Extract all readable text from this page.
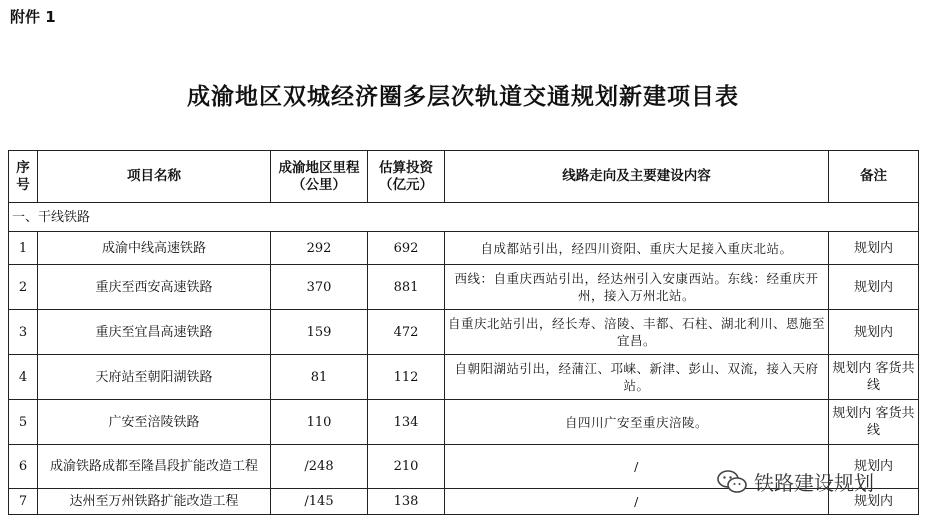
附件 1
成渝地区双城经济圈多层次轨道交通规划新建项目表
序号	项目名称	成渝地区里程（公里）	估算投资（亿元）	线路走向及主要建设内容	备注
一、干线铁路					
1	成渝中线高速铁路	292	692	自成都站引出，经四川资阳、重庆大足接入重庆北站。	规划内
2	重庆至西安高速铁路	370	881	西线：自重庆西站引出，经达州引入安康西站。东线：经重庆开州，接入万州北站。	规划内
3	重庆至宜昌高速铁路	159	472	自重庆北站引出，经长寿、涪陵、丰都、石柱、湖北利川、恩施至宜昌。	规划内
4	天府站至朝阳湖铁路	81	112	自朝阳湖站引出，经蒲江、邛崃、新津、彭山、双流，接入天府站。	规划内 客货共线
5	广安至涪陵铁路	110	134	自四川广安至重庆涪陵。	规划内 客货共线
6	成渝铁路成都至隆昌段扩能改造工程	/248	210	/	规划内
7	达州至万州铁路扩能改造工程	/145	138	/	规划内
铁路建设规划
